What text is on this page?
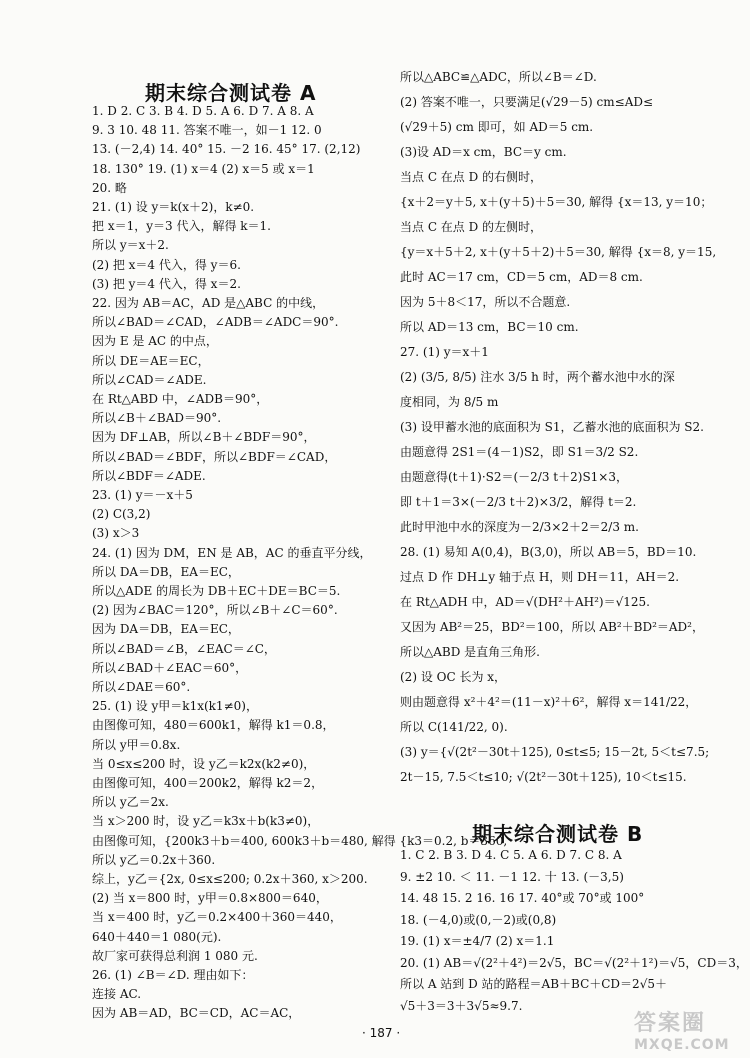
期末综合测试卷 A
期末综合测试卷 B
1. D 2. C 3. B 4. D 5. A 6. D 7. A 8. A
9. 3 10. 48 11. 答案不唯一，如－1 12. 0
13. (－2,4) 14. 40° 15. －2 16. 45° 17. (2,12)
18. 130° 19. (1) x＝4 (2) x＝5 或 x＝1
20. 略
21. (1) 设 y＝k(x＋2)，k≠0.
把 x＝1，y＝3 代入，解得 k＝1.
所以 y＝x＋2.
(2) 把 x＝4 代入，得 y＝6.
(3) 把 y＝4 代入，得 x＝2.
22. 因为 AB＝AC，AD 是△ABC 的中线，
所以∠BAD＝∠CAD，∠ADB＝∠ADC＝90°.
因为 E 是 AC 的中点，
所以 DE＝AE＝EC，
所以∠CAD＝∠ADE.
在 Rt△ABD 中，∠ADB＝90°，
所以∠B＋∠BAD＝90°.
因为 DF⊥AB，所以∠B＋∠BDF＝90°，
所以∠BAD＝∠BDF，所以∠BDF＝∠CAD，
所以∠BDF＝∠ADE.
23. (1) y＝－x＋5
(2) C(3,2)
(3) x＞3
24. (1) 因为 DM，EN 是 AB，AC 的垂直平分线，
所以 DA＝DB，EA＝EC，
所以△ADE 的周长为 DB＋EC＋DE＝BC＝5.
(2) 因为∠BAC＝120°，所以∠B＋∠C＝60°.
因为 DA＝DB，EA＝EC，
所以∠BAD＝∠B，∠EAC＝∠C，
所以∠BAD＋∠EAC＝60°，
所以∠DAE＝60°.
25. (1) 设 y甲＝k1x(k1≠0)，
由图像可知，480＝600k1，解得 k1＝0.8，
所以 y甲＝0.8x.
当 0≤x≤200 时，设 y乙＝k2x(k2≠0)，
由图像可知，400＝200k2，解得 k2＝2，
所以 y乙＝2x.
当 x＞200 时，设 y乙＝k3x＋b(k3≠0)，
由图像可知，{200k3＋b＝400, 600k3＋b＝480, 解得 {k3＝0.2, b＝360,
所以 y乙＝0.2x＋360.
综上，y乙＝{2x, 0≤x≤200; 0.2x＋360, x＞200.
(2) 当 x＝800 时，y甲＝0.8×800＝640，
当 x＝400 时，y乙＝0.2×400＋360＝440，
640＋440＝1 080(元).
故厂家可获得总利润 1 080 元.
26. (1) ∠B＝∠D. 理由如下：
连接 AC.
因为 AB＝AD，BC＝CD，AC＝AC，
所以△ABC≌△ADC，所以∠B＝∠D.
(2) 答案不唯一，只要满足(√29－5) cm≤AD≤
(√29＋5) cm 即可，如 AD＝5 cm.
(3)设 AD＝x cm，BC＝y cm.
当点 C 在点 D 的右侧时，
{x＋2＝y＋5, x＋(y＋5)＋5＝30, 解得 {x＝13, y＝10；
当点 C 在点 D 的左侧时，
{y＝x＋5＋2, x＋(y＋5＋2)＋5＝30, 解得 {x＝8, y＝15,
此时 AC＝17 cm，CD＝5 cm，AD＝8 cm.
因为 5＋8＜17，所以不合题意.
所以 AD＝13 cm，BC＝10 cm.
27. (1) y＝x＋1
(2) (3/5, 8/5) 注水 3/5 h 时，两个蓄水池中水的深
度相同，为 8/5 m
(3) 设甲蓄水池的底面积为 S1，乙蓄水池的底面积为 S2.
由题意得 2S1＝(4－1)S2，即 S1＝3/2 S2.
由题意得(t＋1)·S2＝(－2/3 t＋2)S1×3，
即 t＋1＝3×(－2/3 t＋2)×3/2，解得 t＝2.
此时甲池中水的深度为－2/3×2＋2＝2/3 m.
28. (1) 易知 A(0,4)，B(3,0)，所以 AB＝5，BD＝10.
过点 D 作 DH⊥y 轴于点 H，则 DH＝11，AH＝2.
在 Rt△ADH 中，AD＝√(DH²＋AH²)＝√125.
又因为 AB²＝25，BD²＝100，所以 AB²＋BD²＝AD²，
所以△ABD 是直角三角形.
(2) 设 OC 长为 x，
则由题意得 x²＋4²＝(11－x)²＋6²，解得 x＝141/22，
所以 C(141/22, 0).
(3) y＝{√(2t²－30t＋125), 0≤t≤5; 15－2t, 5＜t≤7.5;
2t－15, 7.5＜t≤10; √(2t²－30t＋125), 10＜t≤15.
1. C 2. B 3. D 4. C 5. A 6. D 7. C 8. A
9. ±2 10. ＜ 11. －1 12. 十 13. (－3,5)
14. 48 15. 2 16. 16 17. 40°或 70°或 100°
18. (－4,0)或(0,－2)或(0,8)
19. (1) x＝±4/7 (2) x＝1.1
20. (1) AB＝√(2²＋4²)＝2√5，BC＝√(2²＋1²)＝√5，CD＝3，
所以 A 站到 D 站的路程＝AB＋BC＋CD＝2√5＋
√5＋3＝3＋3√5≈9.7.
· 187 ·	答案圈
MXQE.COM
